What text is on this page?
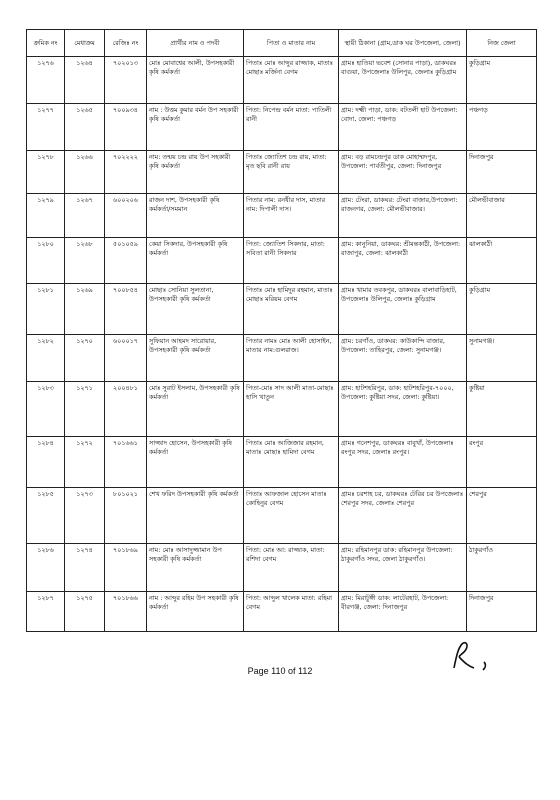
ক্রমিক নং	মেধাক্রম	রেজিঃ নং	প্রার্থীর নাম ও পদবী	পিতা ও মাতার নাম	স্থায়ী ঠিকানা (গ্রাম,ডাক ঘর উপজেলা, জেলা)	নিজ জেলা
১২৭৬	১২৬৪	৭০২০১৩	মোঃ মোবাশ্বের আলী, উপসহকারী কৃষি কর্মকর্তা	পিতাঃ মোঃ আব্দুর রাজ্জাক, মাতাঃ মোছাঃ মর্জিনা বেগম	গ্রামঃ হাতিয়া ভবেশ (সোনার পাড়া), ডাকঘরঃ বাগুয়া, উপজেলাঃ উলিপুর, জেলাঃ কুড়িগ্রাম	কুড়িগ্রাম
১২৭৭	১২৬৫	৭০০৯৩৪	নাম : উত্তম কুমার বর্মন উপ সহকারী কৃষি কর্মকর্তা	পিতা: নিপেন্দ্র বর্মন মাতা: পাতিলী রানী	গ্রাম: দক্ষ্মী পাড়া, ডাক: বটতলী হাট উপজেলা: বোদা, জেলা: পঞ্চগড়	পঞ্চগড়
১২৭৮	১২৬৬	৭০২২২২	নাম: তন্ময় চন্দ্র রায় উপ সহকারী কৃষি কর্মকর্তা	পিতাঃ জ্যোতিশ চন্দ্র রায়, মাতা: মৃত ছবি রানী রায়	গ্রাম: বড় রামচন্দ্রপুর ডাক মোহাম্মদপুর, উপজেলা: পার্বতীপুর, জেলা: দিনাজপুর	দিনাজপুর
১২৭৯	১২৬৭	৬০০২০৬	রাজন দাশ, উপসহকারী কৃষি কর্মকর্তা/সমমান	পিতার নাম: রনধীর দাস, মাতার নাম: দিপালী দাস।	গ্রাম: টেংরা, ডাকঘর: টেংরা বাজার,উপজেলা: রাজনগর, জেলা: মৌলভীবাজার।	মৌলভীবাজার
১২৮০	১২৬৮	৫০১০৫৯	কেয়া সিকদার, উপসহকারী কৃষি কর্মকর্তা	পিতা: জ্যোতিশ সিকদার, মাতা: সবিতা রানী সিকদার	গ্রাম: কানুনিয়া, ডাকঘর: শ্রীমন্তকাঠী, উপজেলা: রাজাপুর, জেলা: ঝালকাঠী	ঝালকাঠী
১২৮১	১২৬৯	৭০০৮৫৪	মোছাঃ সোনিয়া সুলতানা, উপসহকারী কৃষি কর্মকর্তা	পিতাঃ মোঃ হামিদুর রহমান, মাতাঃ মোছাঃ মরিয়ম বেগম	গ্রামঃ খামার তবকপুর, ডাকঘরঃ বালাবাড়িহাট, উপজেলাঃ উলিপুর, জেলাঃ কুড়িগ্রাম	কুড়িগ্রাম
১২৮২	১২৭০	৬০০০১৭	সুফিয়ান আহমদ সারোয়ার, উপসহকারী কৃষি কর্মকর্তা	পিতার নামঃ মোঃ আলী হোসাইন, মাতার নাম:গুলরাজ।	গ্রাম: চরগাঁও, ডাকঘর: কাউকান্দি বাজার, উপজেলা: তাহিরপুর, জেলা: সুনামগঞ্জ।	সুনামগঞ্জ।
১২৮৩	১২৭১	২০০৪৮১	মোঃ সুরাট ইসলাম, উপসহকারী কৃষি কর্মকর্তা	পিতা-মোঃ সাদ আলী মাতা-মোছাঃ হাসি খাতুন	গ্রাম: হাটশহরিপুর, ডাক: হাটশহরিপুর-৭০০০, উপজেলা: কুষ্টিয়া সদর, জেলা: কুষ্টিয়া।	কুষ্টিয়া
১২৮৪	১২৭২	৭০১৬৬১	সাজ্জাদ হোসেন, উপসহকারী কৃষি কর্মকর্তা	পিতাঃ মোঃ আজিজার রহমান, মাতাঃ মোছাঃ হামিদা বেগম	গ্রামঃ গনেশপুর, ডাকঘরঃ বাবুখাঁ, উপজেলাঃ রংপুর সদর, জেলাঃ রংপুর।	রংপুর
১২৮৫	১২৭৩	৮০১০২১	শেখ ফরিদ উপসহকারী কৃষি কর্মকর্তা	পিতাঃ আফজাল হোসেন মাতাঃ কোহিনুর বেগম	গ্রামঃ চরশাহ চর, ডাকঘরঃ টেরির চর উপজেলাঃ শেরপুর সদর, জেলাঃ শেরপুর	শেরপুর
১২৮৬	১২৭৪	৭০১৮৬৯	নাম: মোঃ আসাদুজ্জামান উপ সহকারী কৃষি কর্মকর্তা	পিতা: মোঃ আ: রাজ্জাক, মাতা: রশিদা বেগম	গ্রাম: রহিমানপুর ডাক: রহিমানপুর উপজেলা: ঠাকুরগাঁও সদর, জেলা ঠাকুরগাঁও।	ঠাকুরগাঁও
১২৮৭	১২৭৫	৭০১৮৬৬	নাম : আব্দুর রহিম উপ সহকারী কৃষি কর্মকর্তা	পিতা: আব্দুল খালেক মাতা: রহিমা বেগম	গ্রাম: মিরাটুঙ্গী ডাক: লাটেরহাট, উপজেলা: বীরগঞ্জ, জেলা: দিনাজপুর	দিনাজপুর
Page 110 of 112
